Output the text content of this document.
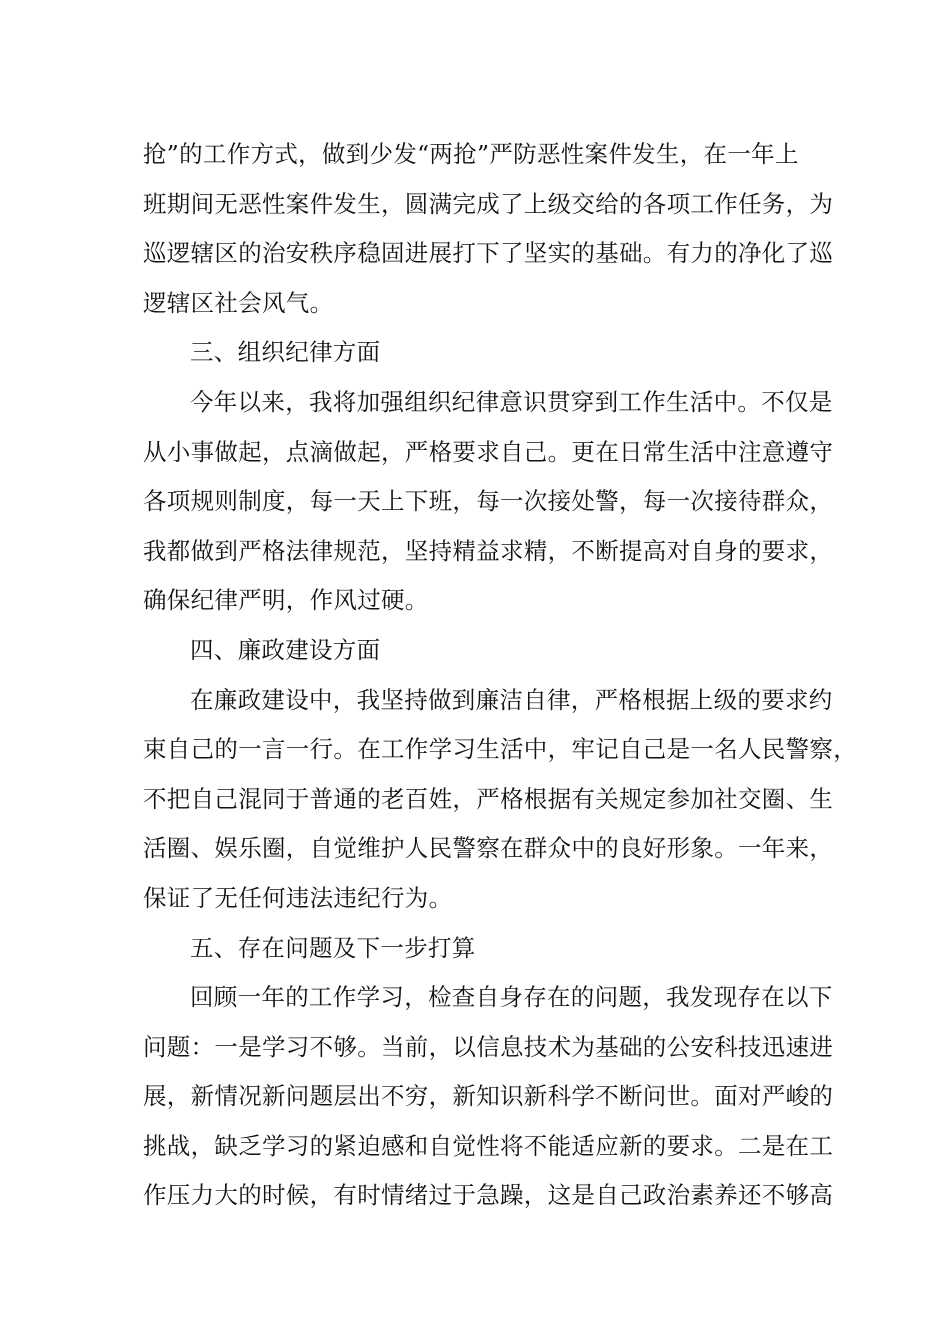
抢”的工作方式，做到少发“两抢”严防恶性案件发生，在一年上
班期间无恶性案件发生，圆满完成了上级交给的各项工作任务，为
巡逻辖区的治安秩序稳固进展打下了坚实的基础。有力的净化了巡
逻辖区社会风气。
三、组织纪律方面
今年以来，我将加强组织纪律意识贯穿到工作生活中。不仅是
从小事做起，点滴做起，严格要求自己。更在日常生活中注意遵守
各项规则制度，每一天上下班，每一次接处警，每一次接待群众，
我都做到严格法律规范，坚持精益求精，不断提高对自身的要求，
确保纪律严明，作风过硬。
四、廉政建设方面
在廉政建设中，我坚持做到廉洁自律，严格根据上级的要求约
束自己的一言一行。在工作学习生活中，牢记自己是一名人民警察，
不把自己混同于普通的老百姓，严格根据有关规定参加社交圈、生
活圈、娱乐圈，自觉维护人民警察在群众中的良好形象。一年来，
保证了无任何违法违纪行为。
五、存在问题及下一步打算
回顾一年的工作学习，检查自身存在的问题，我发现存在以下
问题：一是学习不够。当前，以信息技术为基础的公安科技迅速进
展，新情况新问题层出不穷，新知识新科学不断问世。面对严峻的
挑战，缺乏学习的紧迫感和自觉性将不能适应新的要求。二是在工
作压力大的时候，有时情绪过于急躁，这是自己政治素养还不够高
